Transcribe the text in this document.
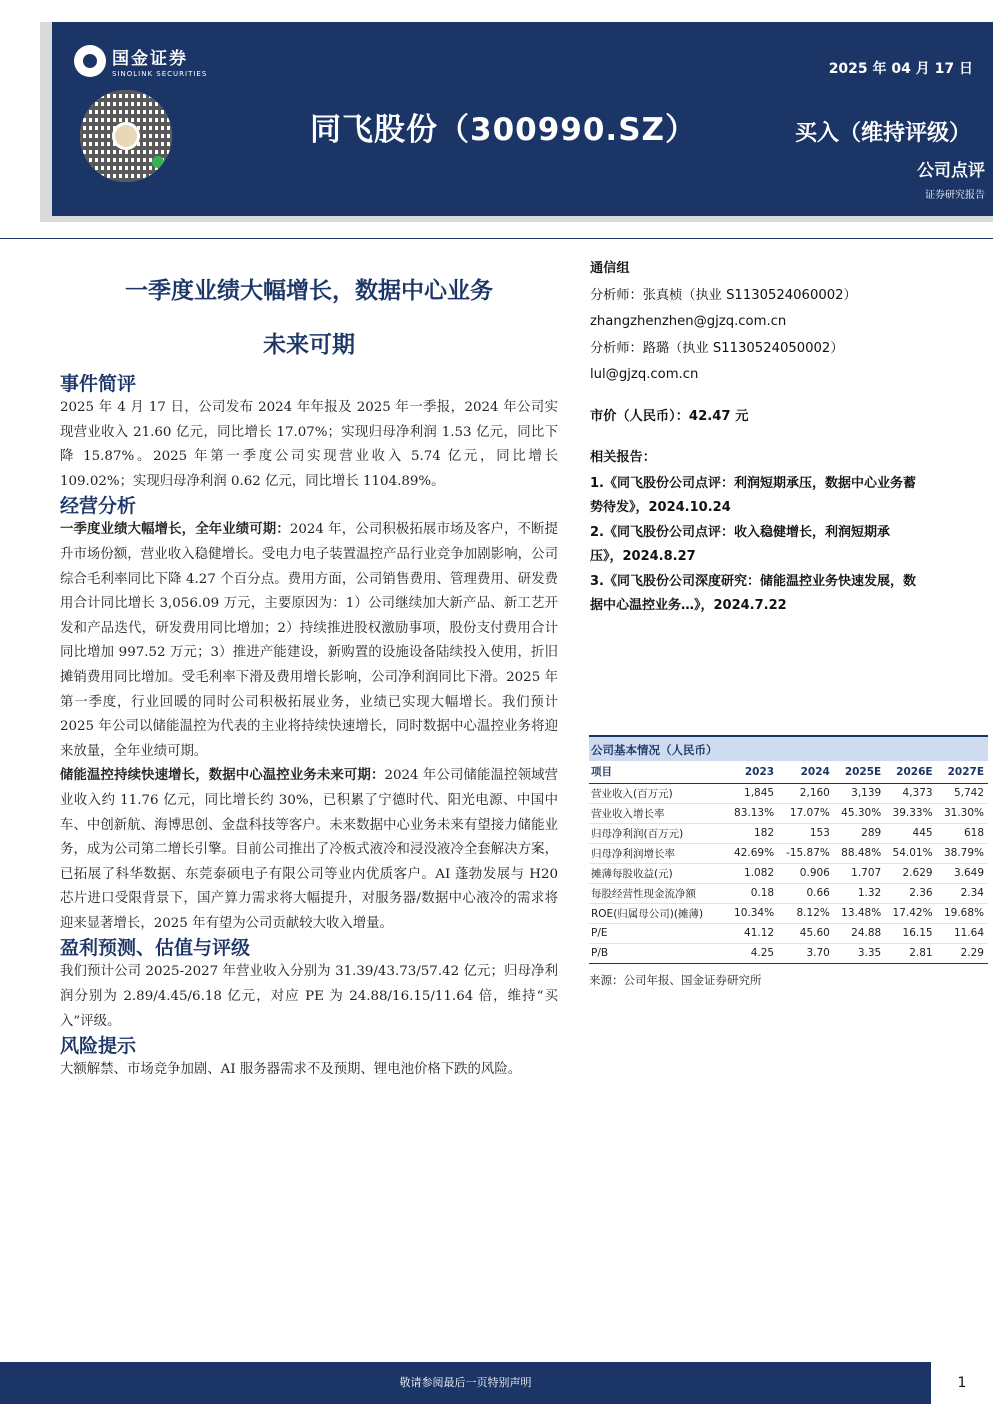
国金证券
SINOLINK SECURITIES	2025 年 04 月 17 日
同飞股份（300990.SZ）	买入（维持评级）
公司点评
证券研究报告
一季度业绩大幅增长，数据中心业务
未来可期
事件简评

2025 年 4 月 17 日，公司发布 2024 年年报及 2025 年一季报，2024 年公司实现营业收入 21.60 亿元，同比增长 17.07%；实现归母净利润 1.53 亿元，同比下降 15.87%。2025 年第一季度公司实现营业收入 5.74 亿元，同比增长 109.02%；实现归母净利润 0.62 亿元，同比增长 1104.89%。

经营分析

一季度业绩大幅增长，全年业绩可期：2024 年，公司积极拓展市场及客户，不断提升市场份额，营业收入稳健增长。受电力电子装置温控产品行业竞争加剧影响，公司综合毛利率同比下降 4.27 个百分点。费用方面，公司销售费用、管理费用、研发费用合计同比增长 3,056.09 万元，主要原因为：1）公司继续加大新产品、新工艺开发和产品迭代，研发费用同比增加；2）持续推进股权激励事项，股份支付费用合计同比增加 997.52 万元；3）推进产能建设，新购置的设施设备陆续投入使用，折旧摊销费用同比增加。受毛利率下滑及费用增长影响，公司净利润同比下滑。2025 年第一季度，行业回暖的同时公司积极拓展业务，业绩已实现大幅增长。我们预计 2025 年公司以储能温控为代表的主业将持续快速增长，同时数据中心温控业务将迎来放量，全年业绩可期。

储能温控持续快速增长，数据中心温控业务未来可期：2024 年公司储能温控领域营业收入约 11.76 亿元，同比增长约 30%，已积累了宁德时代、阳光电源、中国中车、中创新航、海博思创、金盘科技等客户。未来数据中心业务未来有望接力储能业务，成为公司第二增长引擎。目前公司推出了冷板式液冷和浸没液冷全套解决方案，已拓展了科华数据、东莞泰硕电子有限公司等业内优质客户。AI 蓬勃发展与 H20 芯片进口受限背景下，国产算力需求将大幅提升，对服务器/数据中心液冷的需求将迎来显著增长，2025 年有望为公司贡献较大收入增量。

盈利预测、估值与评级

我们预计公司 2025-2027 年营业收入分别为 31.39/43.73/57.42 亿元；归母净利润分别为 2.89/4.45/6.18 亿元，对应 PE 为 24.88/16.15/11.64 倍，维持“买入”评级。

风险提示

大额解禁、市场竞争加剧、AI 服务器需求不及预期、锂电池价格下跌的风险。

通信组
分析师：张真桢（执业 S1130524060002）
zhangzhenzhen@gjzq.com.cn
分析师：路璐（执业 S1130524050002）
lul@gjzq.com.cn
市价（人民币）：42.47 元
相关报告：
1.《同飞股份公司点评：利润短期承压，数据中心业务蓄
势待发》，2024.10.24
2.《同飞股份公司点评：收入稳健增长，利润短期承
压》，2024.8.27
3.《同飞股份公司深度研究：储能温控业务快速发展，数
据中心温控业务…》，2024.7.22
公司基本情况（人民币）
项目	2023	2024	2025E	2026E	2027E
营业收入(百万元)	1,845	2,160	3,139	4,373	5,742
营业收入增长率	83.13%	17.07%	45.30%	39.33%	31.30%
归母净利润(百万元)	182	153	289	445	618
归母净利润增长率	42.69%	-15.87%	88.48%	54.01%	38.79%
摊薄每股收益(元)	1.082	0.906	1.707	2.629	3.649
每股经营性现金流净额	0.18	0.66	1.32	2.36	2.34
ROE(归属母公司)(摊薄)	10.34%	8.12%	13.48%	17.42%	19.68%
P/E	41.12	45.60	24.88	16.15	11.64
P/B	4.25	3.70	3.35	2.81	2.29
来源：公司年报、国金证券研究所
敬请参阅最后一页特别声明	1
